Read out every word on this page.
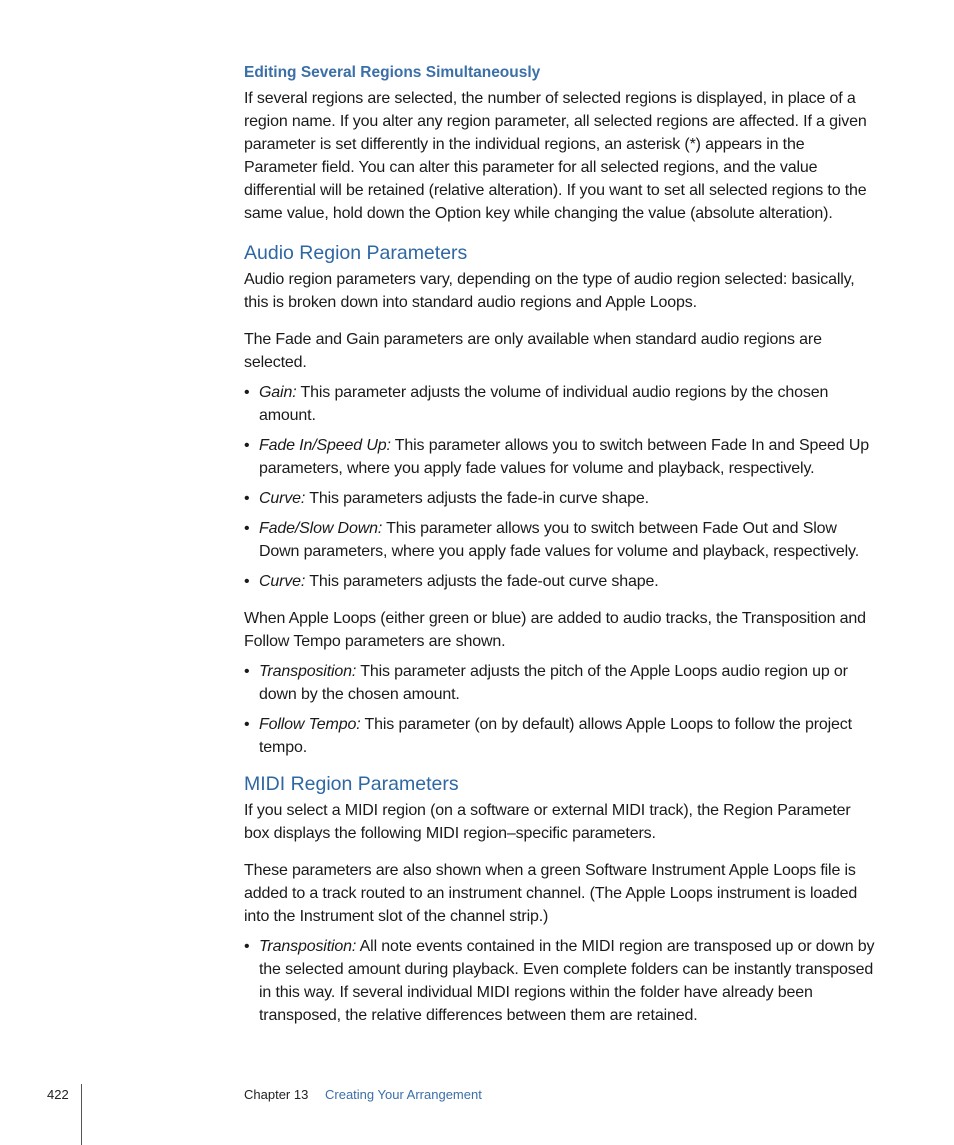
Editing Several Regions Simultaneously

If several regions are selected, the number of selected regions is displayed, in place of a region name. If you alter any region parameter, all selected regions are affected. If a given parameter is set differently in the individual regions, an asterisk (*) appears in the Parameter field. You can alter this parameter for all selected regions, and the value differential will be retained (relative alteration). If you want to set all selected regions to the same value, hold down the Option key while changing the value (absolute alteration).

Audio Region Parameters

Audio region parameters vary, depending on the type of audio region selected: basically, this is broken down into standard audio regions and Apple Loops.

The Fade and Gain parameters are only available when standard audio regions are selected.

• Gain: This parameter adjusts the volume of individual audio regions by the chosen amount.
• Fade In/Speed Up: This parameter allows you to switch between Fade In and Speed Up parameters, where you apply fade values for volume and playback, respectively.
• Curve: This parameters adjusts the fade-in curve shape.
• Fade/Slow Down: This parameter allows you to switch between Fade Out and Slow Down parameters, where you apply fade values for volume and playback, respectively.
• Curve: This parameters adjusts the fade-out curve shape.

When Apple Loops (either green or blue) are added to audio tracks, the Transposition and Follow Tempo parameters are shown.

• Transposition: This parameter adjusts the pitch of the Apple Loops audio region up or down by the chosen amount.
• Follow Tempo: This parameter (on by default) allows Apple Loops to follow the project tempo.
MIDI Region Parameters

If you select a MIDI region (on a software or external MIDI track), the Region Parameter box displays the following MIDI region–specific parameters.

These parameters are also shown when a green Software Instrument Apple Loops file is added to a track routed to an instrument channel. (The Apple Loops instrument is loaded into the Instrument slot of the channel strip.)

• Transposition: All note events contained in the MIDI region are transposed up or down by the selected amount during playback. Even complete folders can be instantly transposed in this way. If several individual MIDI regions within the folder have already been transposed, the relative differences between them are retained.
422	Chapter 13 Creating Your Arrangement
